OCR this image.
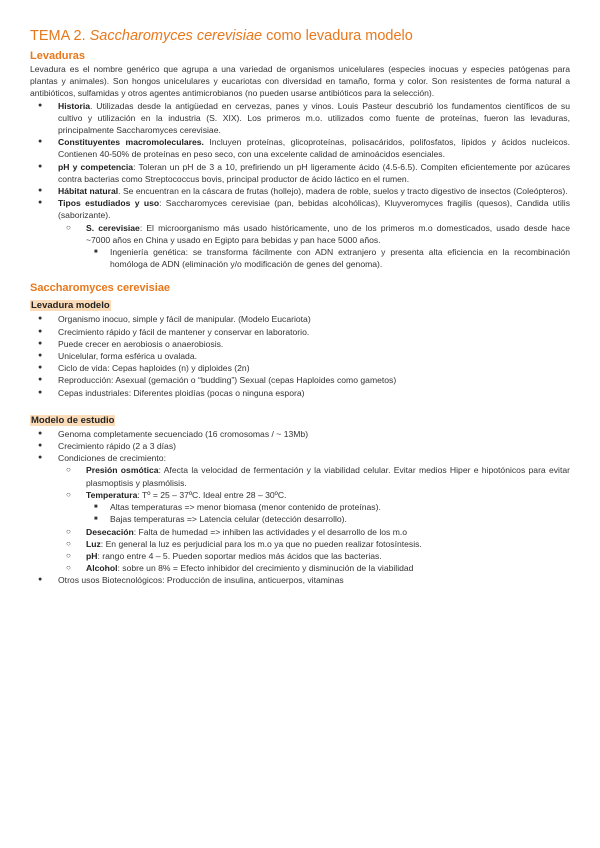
TEMA 2. Saccharomyces cerevisiae como levadura modelo
Levaduras

Levadura es el nombre genérico que agrupa a una variedad de organismos unicelulares (especies inocuas y especies patógenas para plantas y animales). Son hongos unicelulares y eucariotas con diversidad en tamaño, forma y color. Son resistentes de forma natural a antibióticos, sulfamidas y otros agentes antimicrobianos (no pueden usarse antibióticos para la selección).

● Historia. Utilizadas desde la antigüedad en cervezas, panes y vinos. Louis Pasteur descubrió los fundamentos científicos de su cultivo y utilización en la industria (S. XIX). Los primeros m.o. utilizados como fuente de proteínas, fueron las levaduras, principalmente Saccharomyces cerevisiae.
● Constituyentes macromoleculares. Incluyen proteínas, glicoproteínas, polisacáridos, polifosfatos, lípidos y ácidos nucleicos. Contienen 40-50% de proteínas en peso seco, con una excelente calidad de aminoácidos esenciales.
● pH y competencia: Toleran un pH de 3 a 10, prefiriendo un pH ligeramente ácido (4.5-6.5). Compiten eficientemente por azúcares contra bacterias como Streptococcus bovis, principal productor de ácido láctico en el rumen.
● Hábitat natural. Se encuentran en la cáscara de frutas (hollejo), madera de roble, suelos y tracto digestivo de insectos (Coleópteros).
● Tipos estudiados y uso: Saccharomyces cerevisiae (pan, bebidas alcohólicas), Kluyveromyces fragilis (quesos), Candida utilis (saborizante).
○ S. cerevisiae: El microorganismo más usado históricamente, uno de los primeros m.o domesticados, usado desde hace ~7000 años en China y usado en Egipto para bebidas y pan hace 5000 años.
■ Ingeniería genética: se transforma fácilmente con ADN extranjero y presenta alta eficiencia en la recombinación homóloga de ADN (eliminación y/o modificación de genes del genoma).
Saccharomyces cerevisiae
Levadura modelo
● Organismo inocuo, simple y fácil de manipular. (Modelo Eucariota)
● Crecimiento rápido y fácil de mantener y conservar en laboratorio.
● Puede crecer en aerobiosis o anaerobiosis.
● Unicelular, forma esférica u ovalada.
● Ciclo de vida: Cepas haploides (n) y diploides (2n)
● Reproducción: Asexual (gemación o “budding”) Sexual (cepas Haploides como gametos)
● Cepas industriales: Diferentes ploidías (pocas o ninguna espora)
Modelo de estudio
● Genoma completamente secuenciado (16 cromosomas / ~ 13Mb)
● Crecimiento rápido (2 a 3 días)
● Condiciones de crecimiento:
○ Presión osmótica: Afecta la velocidad de fermentación y la viabilidad celular. Evitar medios Hiper e hipotónicos para evitar plasmoptisis y plasmólisis.
○ Temperatura: Tº = 25 – 37ºC. Ideal entre 28 – 30ºC.
■ Altas temperaturas => menor biomasa (menor contenido de proteínas).
■ Bajas temperaturas => Latencia celular (detección desarrollo).
○ Desecación: Falta de humedad => inhiben las actividades y el desarrollo de los m.o
○ Luz: En general la luz es perjudicial para los m.o ya que no pueden realizar fotosíntesis.
○ pH: rango entre 4 – 5. Pueden soportar medios más ácidos que las bacterias.
○ Alcohol: sobre un 8% = Efecto inhibidor del crecimiento y disminución de la viabilidad
● Otros usos Biotecnológicos: Producción de insulina, anticuerpos, vitaminas
